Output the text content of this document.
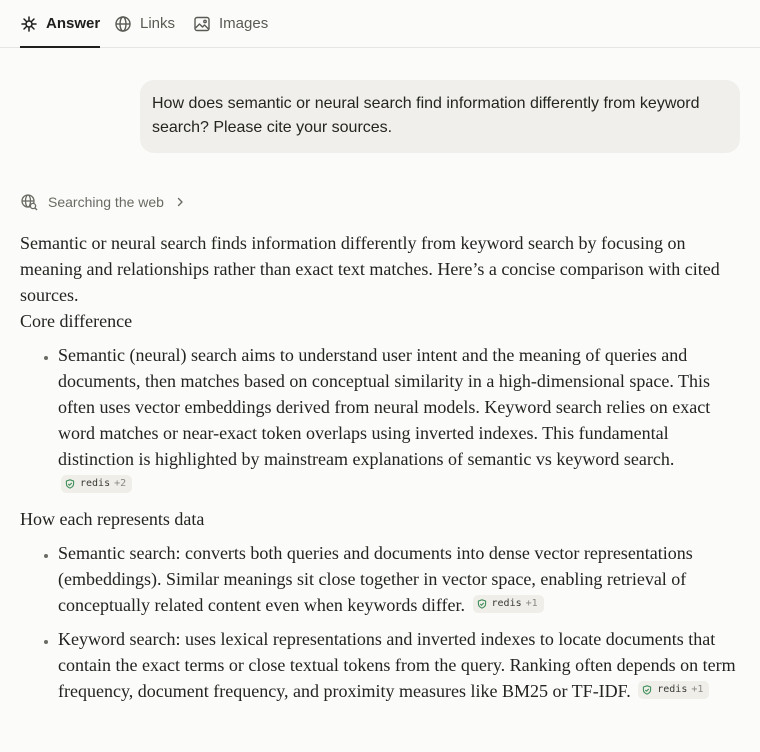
Answer	Links	Images
How does semantic or neural search find information differently from keyword search? Please cite your sources.
Searching the web

Semantic or neural search finds information differently from keyword search by focusing on meaning and relationships rather than exact text matches. Here’s a concise comparison with cited sources.

Core difference

• Semantic (neural) search aims to understand user intent and the meaning of queries and documents, then matches based on conceptual similarity in a high-dimensional space. This often uses vector embeddings derived from neural models. Keyword search relies on exact word matches or near-exact token overlaps using inverted indexes. This fundamental distinction is highlighted by mainstream explanations of semantic vs keyword search.
redis +2

How each represents data

• Semantic search: converts both queries and documents into dense vector representations (embeddings). Similar meanings sit close together in vector space, enabling retrieval of conceptually related content even when keywords differ.	redis +1
• Keyword search: uses lexical representations and inverted indexes to locate documents that contain the exact terms or close textual tokens from the query. Ranking often depends on term frequency, document frequency, and proximity measures like BM25 or TF-IDF.	redis +1
